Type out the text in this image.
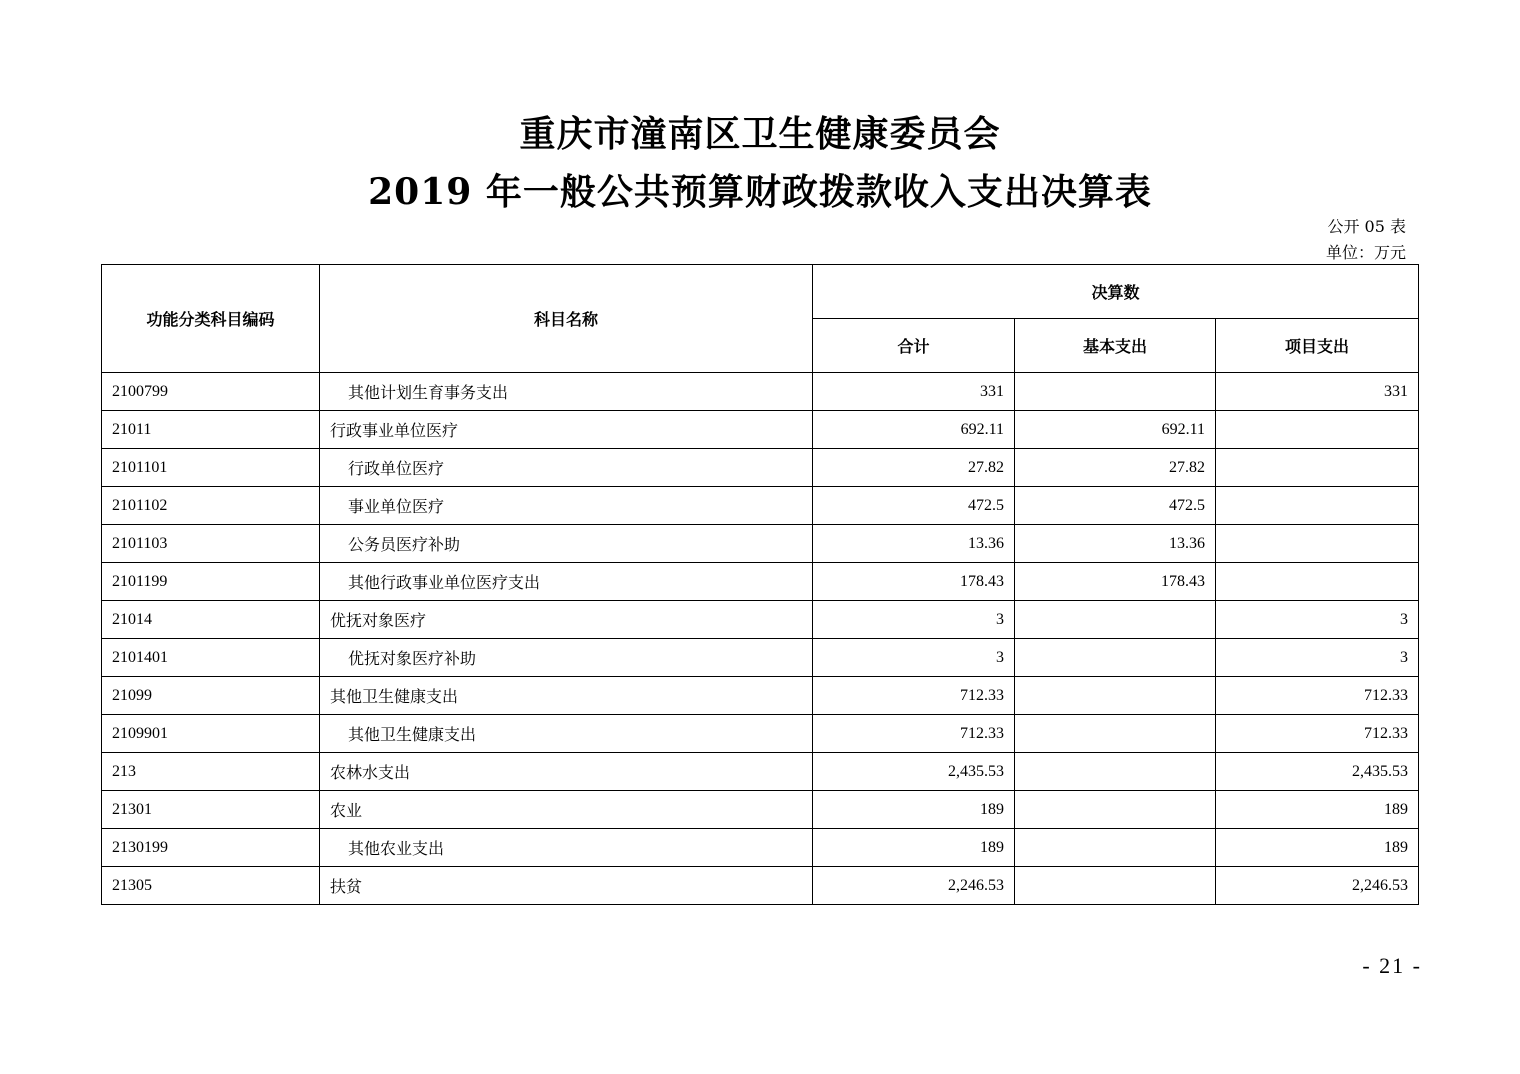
重庆市潼南区卫生健康委员会
2019 年一般公共预算财政拨款收入支出决算表
公开 05 表
单位：万元
功能分类科目编码	科目名称	决算数		
		合计	基本支出	项目支出
2100799	其他计划生育事务支出	331		331
21011	行政事业单位医疗	692.11	692.11	
2101101	行政单位医疗	27.82	27.82	
2101102	事业单位医疗	472.5	472.5	
2101103	公务员医疗补助	13.36	13.36	
2101199	其他行政事业单位医疗支出	178.43	178.43	
21014	优抚对象医疗	3		3
2101401	优抚对象医疗补助	3		3
21099	其他卫生健康支出	712.33		712.33
2109901	其他卫生健康支出	712.33		712.33
213	农林水支出	2,435.53		2,435.53
21301	农业	189		189
2130199	其他农业支出	189		189
21305	扶贫	2,246.53		2,246.53
- 21 -
